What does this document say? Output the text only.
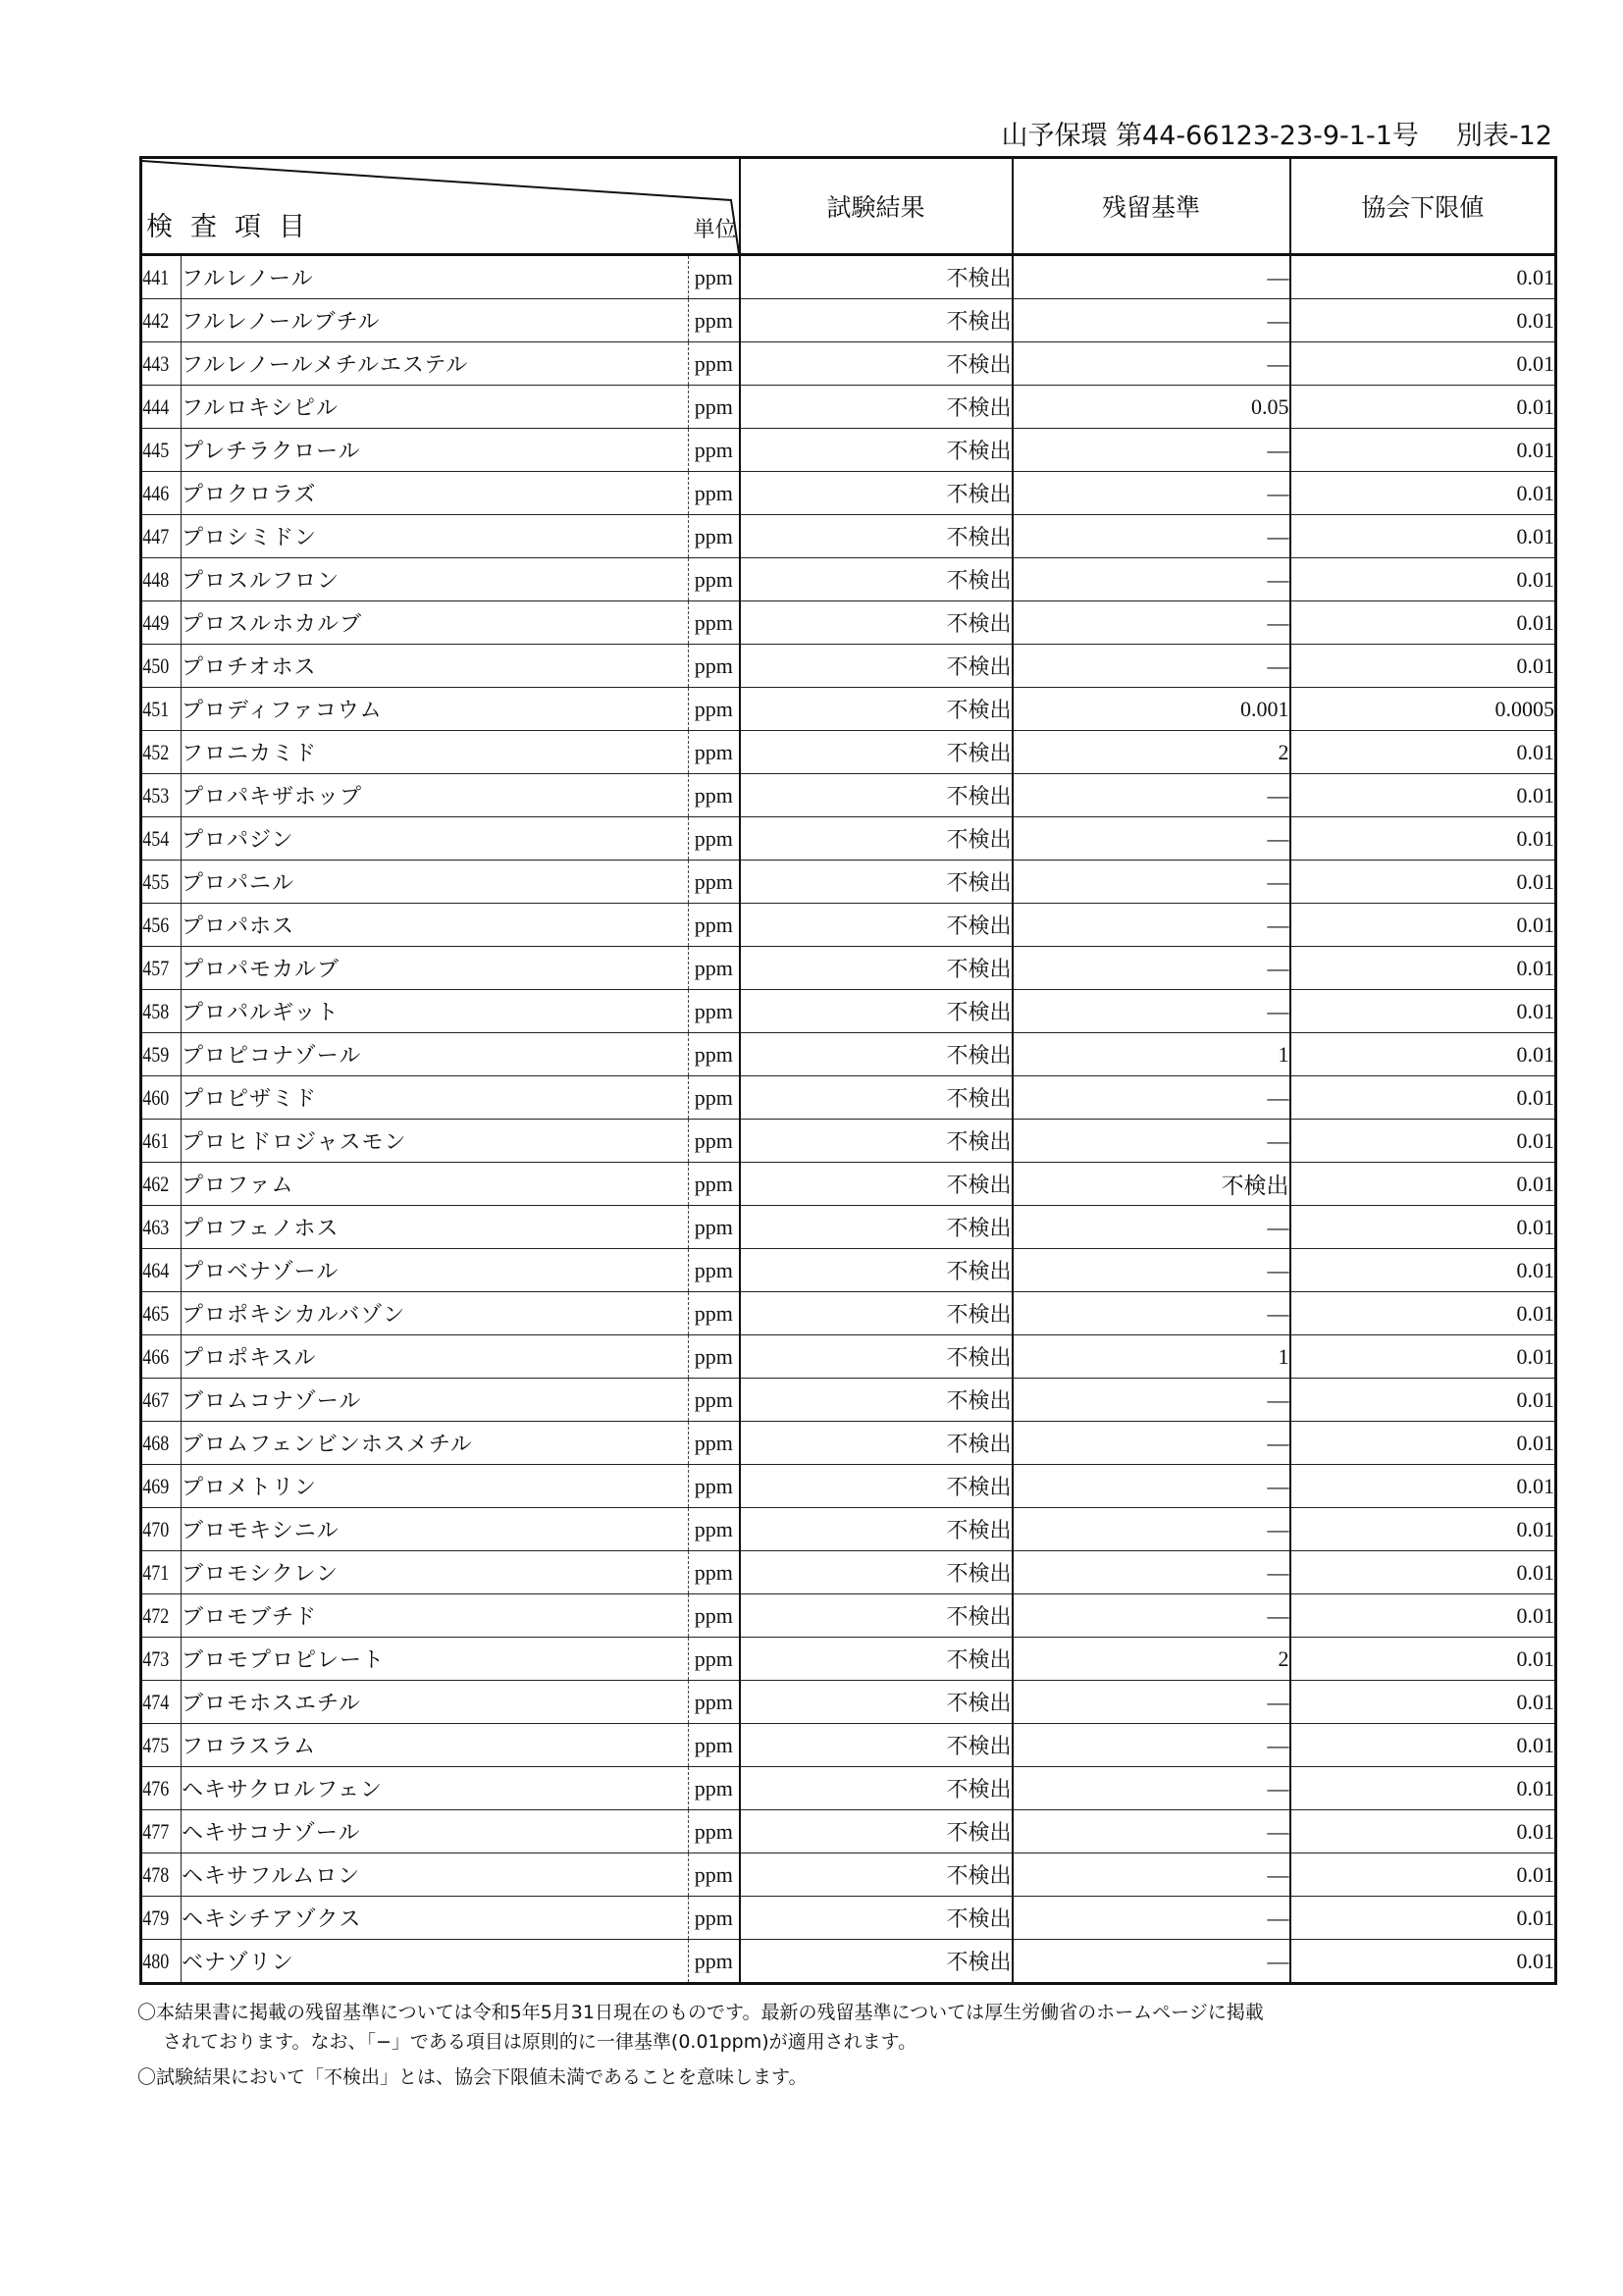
山予保環 第44-66123-23-9-1-1号 別表-12
検査項目 単位			試験結果	残留基準	協会下限値
441	フルレノール	ppm	不検出	—	0.01
442	フルレノールブチル	ppm	不検出	—	0.01
443	フルレノールメチルエステル	ppm	不検出	—	0.01
444	フルロキシピル	ppm	不検出	0.05	0.01
445	プレチラクロール	ppm	不検出	—	0.01
446	プロクロラズ	ppm	不検出	—	0.01
447	プロシミドン	ppm	不検出	—	0.01
448	プロスルフロン	ppm	不検出	—	0.01
449	プロスルホカルブ	ppm	不検出	—	0.01
450	プロチオホス	ppm	不検出	—	0.01
451	プロディファコウム	ppm	不検出	0.001	0.0005
452	フロニカミド	ppm	不検出	2	0.01
453	プロパキザホップ	ppm	不検出	—	0.01
454	プロパジン	ppm	不検出	—	0.01
455	プロパニル	ppm	不検出	—	0.01
456	プロパホス	ppm	不検出	—	0.01
457	プロパモカルブ	ppm	不検出	—	0.01
458	プロパルギット	ppm	不検出	—	0.01
459	プロピコナゾール	ppm	不検出	1	0.01
460	プロピザミド	ppm	不検出	—	0.01
461	プロヒドロジャスモン	ppm	不検出	—	0.01
462	プロファム	ppm	不検出	不検出	0.01
463	プロフェノホス	ppm	不検出	—	0.01
464	プロベナゾール	ppm	不検出	—	0.01
465	プロポキシカルバゾン	ppm	不検出	—	0.01
466	プロポキスル	ppm	不検出	1	0.01
467	ブロムコナゾール	ppm	不検出	—	0.01
468	ブロムフェンビンホスメチル	ppm	不検出	—	0.01
469	プロメトリン	ppm	不検出	—	0.01
470	ブロモキシニル	ppm	不検出	—	0.01
471	ブロモシクレン	ppm	不検出	—	0.01
472	ブロモブチド	ppm	不検出	—	0.01
473	ブロモプロピレート	ppm	不検出	2	0.01
474	ブロモホスエチル	ppm	不検出	—	0.01
475	フロラスラム	ppm	不検出	—	0.01
476	ヘキサクロルフェン	ppm	不検出	—	0.01
477	ヘキサコナゾール	ppm	不検出	—	0.01
478	ヘキサフルムロン	ppm	不検出	—	0.01
479	ヘキシチアゾクス	ppm	不検出	—	0.01
480	ベナゾリン	ppm	不検出	—	0.01

〇本結果書に掲載の残留基準については令和5年5月31日現在のものです。最新の残留基準については厚生労働省のホームページに掲載

されております。なお、「−」である項目は原則的に一律基準(0.01ppm)が適用されます。

〇試験結果において「不検出」とは、協会下限値未満であることを意味します。
